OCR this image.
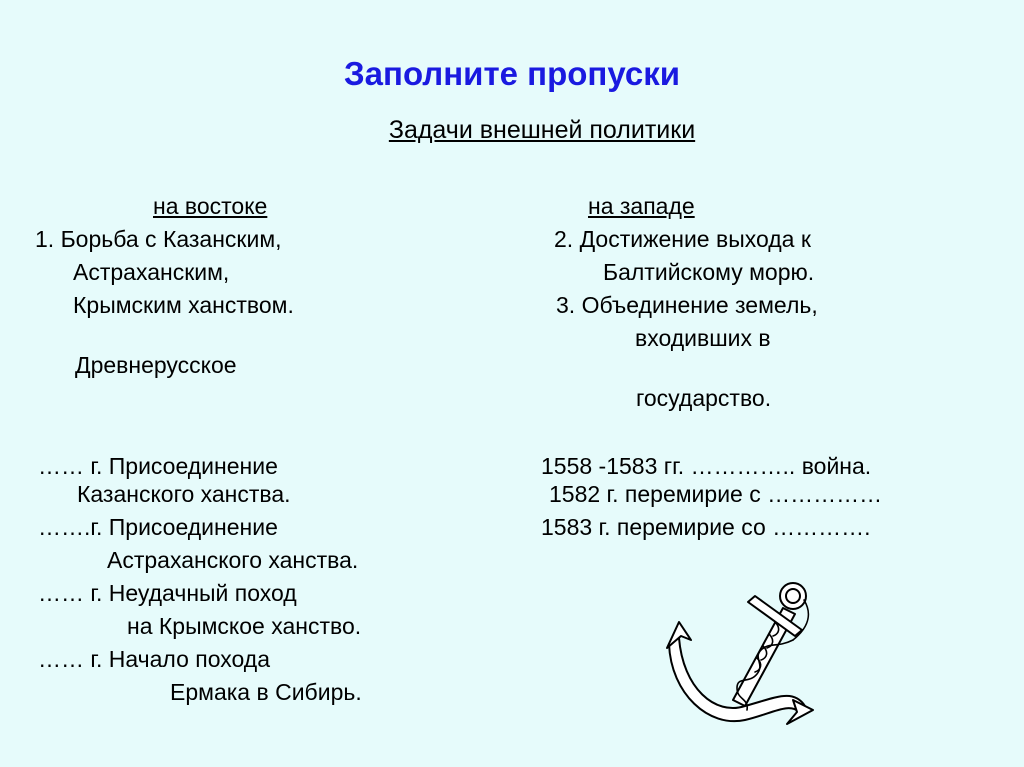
Заполните пропуски
Задачи внешней политики
на востоке
1. Борьба с Казанским,
Астраханским,
Крымским ханством.
Древнерусское
…… г. Присоединение
Казанского ханства.
…….г. Присоединение
Астраханского ханства.
…… г. Неудачный поход
на Крымское ханство.
…… г. Начало похода
Ермака в Сибирь.
на западе
2. Достижение выхода к
Балтийскому морю.
3. Объединение земель,
входивших в
государство.
1558 -1583 гг. ………….. война.
1582 г. перемирие с ……………
1583 г. перемирие со ………….
